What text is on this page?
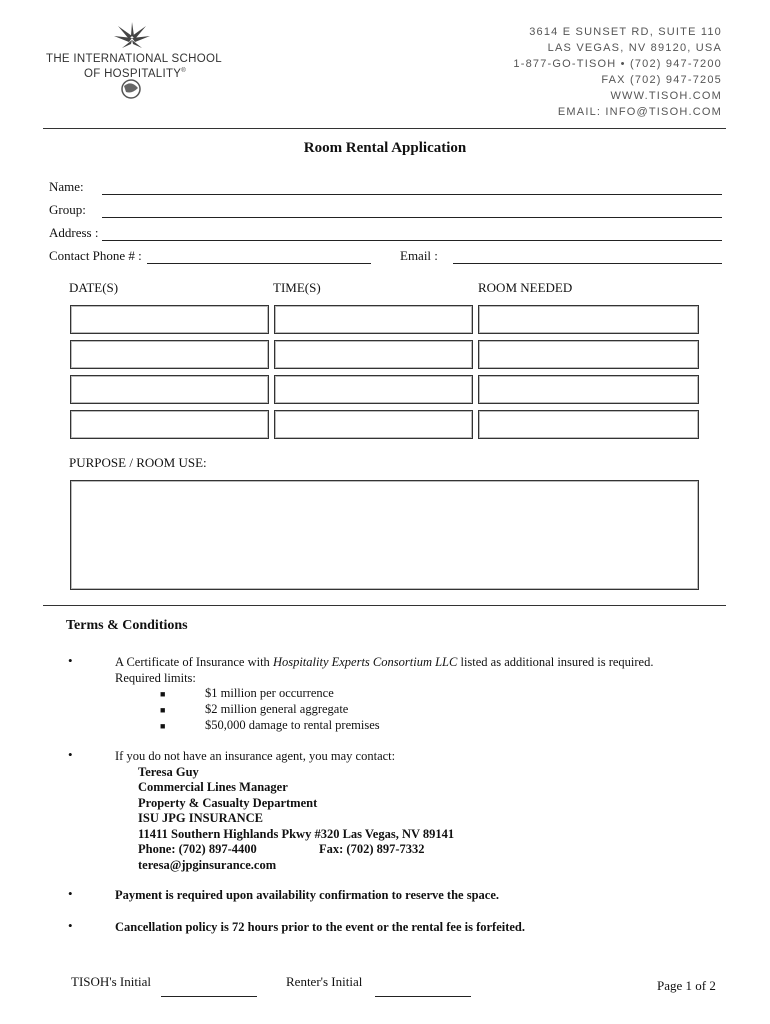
THE INTERNATIONAL SCHOOL
OF HOSPITALITY®
3614 E SUNSET RD, SUITE 110
LAS VEGAS, NV 89120, USA
1-877-GO-TISOH • (702) 947-7200
FAX (702) 947-7205
WWW.TISOH.COM
EMAIL: INFO@TISOH.COM
Room Rental Application
Name:
Group:
Address :
Contact Phone # :	Email :
DATE(S)	TIME(S)	ROOM NEEDED
PURPOSE / ROOM USE:
Terms & Conditions
•	A Certificate of Insurance with Hospitality Experts Consortium LLC listed as additional insured is required.
Required limits:
■	$1 million per occurrence
■	$2 million general aggregate
■	$50,000 damage to rental premises
•	If you do not have an insurance agent, you may contact:
Teresa Guy
Commercial Lines Manager
Property & Casualty Department
ISU JPG INSURANCE
11411 Southern Highlands Pkwy #320 Las Vegas, NV 89141
Phone: (702) 897-4400	Fax: (702) 897-7332
teresa@jpginsurance.com
•	Payment is required upon availability confirmation to reserve the space.
•	Cancellation policy is 72 hours prior to the event or the rental fee is forfeited.
TISOH's Initial	Renter's Initial	Page 1 of 2
